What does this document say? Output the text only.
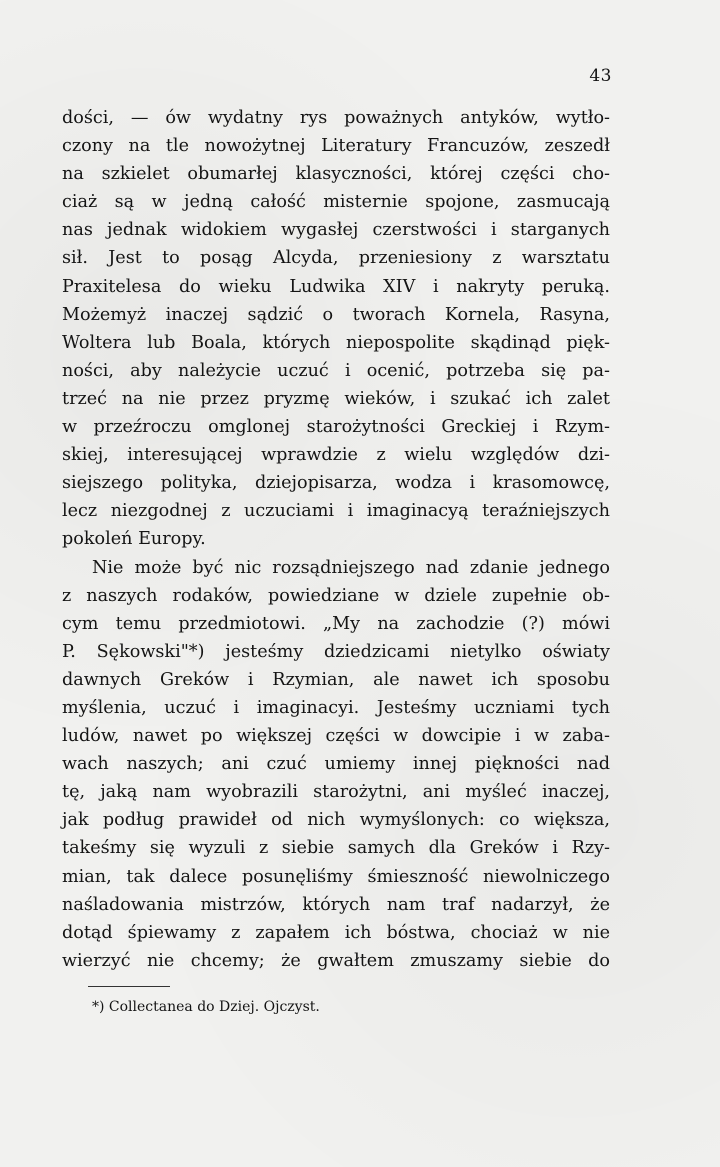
43
dości, — ów wydatny rys poważnych antyków, wytło-
czony na tle nowożytnej Literatury Francuzów, zeszedł
na szkielet obumarłej klasyczności, której części cho-
ciaż są w jedną całość misternie spojone, zasmucają
nas jednak widokiem wygasłej czerstwości i starganych
sił. Jest to posąg Alcyda, przeniesiony z warsztatu
Praxitelesa do wieku Ludwika XIV i nakryty peruką.
Możemyż inaczej sądzić o tworach Kornela, Rasyna,
Woltera lub Boala, których niepospolite skądinąd pięk-
ności, aby należycie uczuć i ocenić, potrzeba się pa-
trzeć na nie przez pryzmę wieków, i szukać ich zalet
w przeźroczu omglonej starożytności Greckiej i Rzym-
skiej, interesującej wprawdzie z wielu względów dzi-
siejszego polityka, dziejopisarza, wodza i krasomowcę,
lecz niezgodnej z uczuciami i imaginacyą teraźniejszych
pokoleń Europy.
Nie może być nic rozsądniejszego nad zdanie jednego
z naszych rodaków, powiedziane w dziele zupełnie ob-
cym temu przedmiotowi. „My na zachodzie (?) mówi
P. Sękowski"*) jesteśmy dziedzicami nietylko oświaty
dawnych Greków i Rzymian, ale nawet ich sposobu
myślenia, uczuć i imaginacyi. Jesteśmy uczniami tych
ludów, nawet po większej części w dowcipie i w zaba-
wach naszych; ani czuć umiemy innej piękności nad
tę, jaką nam wyobrazili starożytni, ani myśleć inaczej,
jak podług prawideł od nich wymyślonych: co większa,
takeśmy się wyzuli z siebie samych dla Greków i Rzy-
mian, tak dalece posunęliśmy śmieszność niewolniczego
naśladowania mistrzów, których nam traf nadarzył, że
dotąd śpiewamy z zapałem ich bóstwa, chociaż w nie
wierzyć nie chcemy; że gwałtem zmuszamy siebie do
*) Collectanea do Dziej. Ojczyst.
